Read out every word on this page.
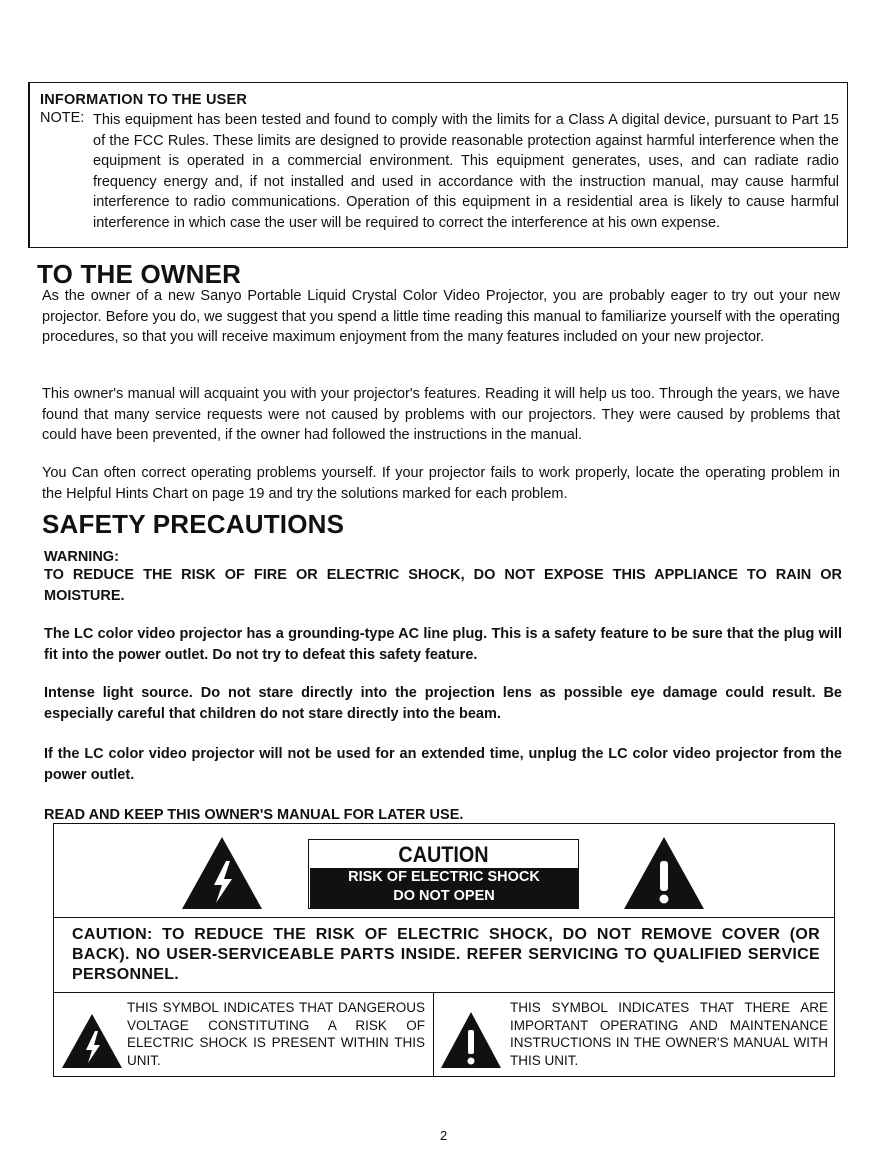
INFORMATION TO THE USER
NOTE: This equipment has been tested and found to comply with the limits for a Class A digital device, pursuant to Part 15 of the FCC Rules. These limits are designed to provide reasonable protection against harmful interference when the equipment is operated in a commercial environment. This equipment generates, uses, and can radiate radio frequency energy and, if not installed and used in accordance with the instruction manual, may cause harmful interference to radio communications. Operation of this equipment in a residential area is likely to cause harmful interference in which case the user will be required to correct the interference at his own expense.
TO THE OWNER
As the owner of a new Sanyo Portable Liquid Crystal Color Video Projector, you are probably eager to try out your new projector. Before you do, we suggest that you spend a little time reading this manual to familiarize yourself with the operating procedures, so that you will receive maximum enjoyment from the many features included on your new projector.
This owner's manual will acquaint you with your projector's features. Reading it will help us too. Through the years, we have found that many service requests were not caused by problems with our projectors. They were caused by problems that could have been prevented, if the owner had followed the instructions in the manual.
You Can often correct operating problems yourself. If your projector fails to work properly, locate the operating problem in the Helpful Hints Chart on page 19 and try the solutions marked for each problem.
SAFETY PRECAUTIONS
WARNING:
TO REDUCE THE RISK OF FIRE OR ELECTRIC SHOCK, DO NOT EXPOSE THIS APPLIANCE TO RAIN OR MOISTURE.
The LC color video projector has a grounding-type AC line plug. This is a safety feature to be sure that the plug will fit into the power outlet. Do not try to defeat this safety feature.
Intense light source. Do not stare directly into the projection lens as possible eye damage could result. Be especially careful that children do not stare directly into the beam.
If the LC color video projector will not be used for an extended time, unplug the LC color video projector from the power outlet.
READ AND KEEP THIS OWNER'S MANUAL FOR LATER USE.
CAUTION
RISK OF ELECTRIC SHOCK
DO NOT OPEN
CAUTION: TO REDUCE THE RISK OF ELECTRIC SHOCK, DO NOT REMOVE COVER (OR BACK). NO USER-SERVICEABLE PARTS INSIDE. REFER SERVICING TO QUALIFIED SERVICE PERSONNEL.
THIS SYMBOL INDICATES THAT DANGEROUS VOLTAGE CONSTITUTING A RISK OF ELECTRIC SHOCK IS PRESENT WITHIN THIS UNIT.
THIS SYMBOL INDICATES THAT THERE ARE IMPORTANT OPERATING AND MAINTENANCE INSTRUCTIONS IN THE OWNER'S MANUAL WITH THIS UNIT.
2
